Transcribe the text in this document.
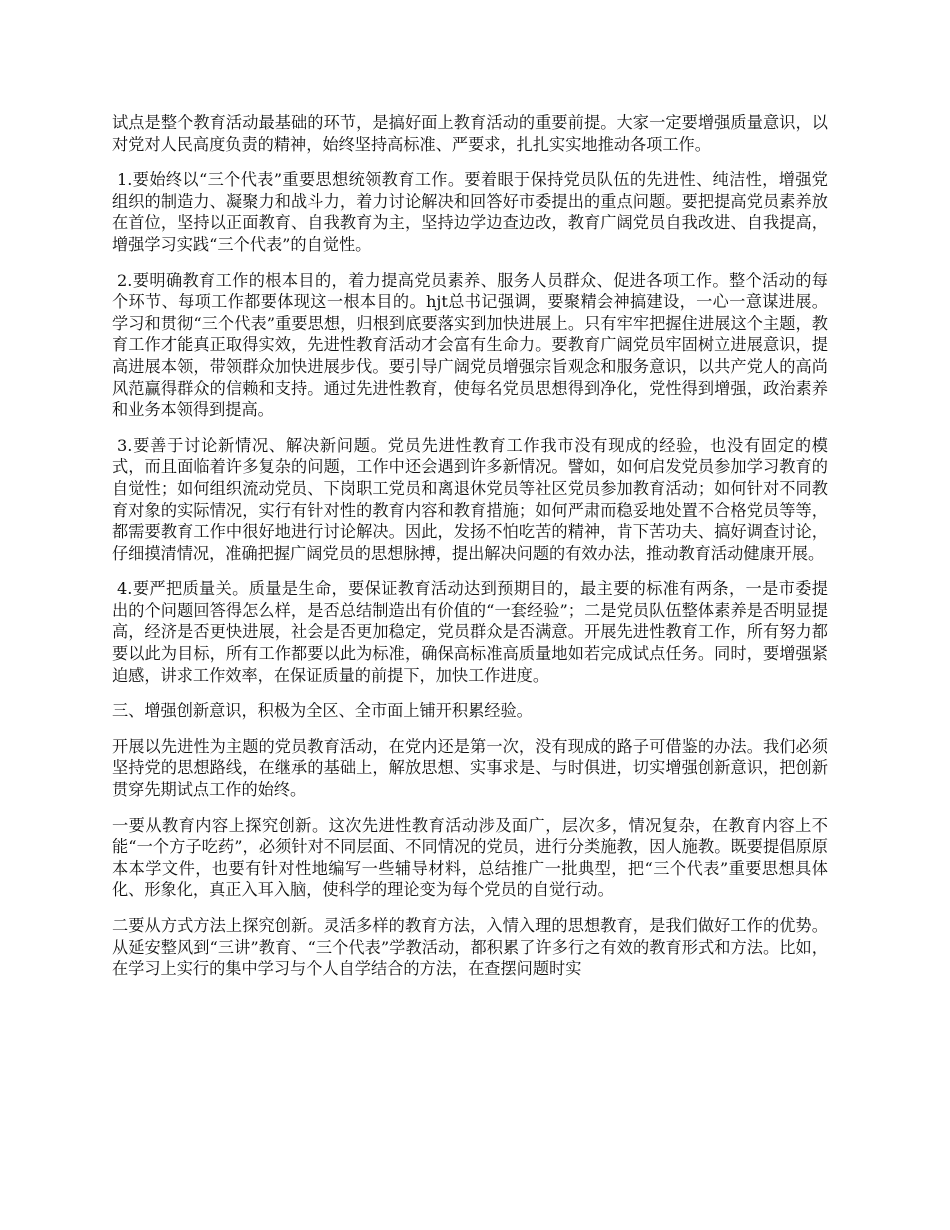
试点是整个教育活动最基础的环节，是搞好面上教育活动的重要前提。大家一定要增强质量意识，以对党对人民高度负责的精神，始终坚持高标准、严要求，扎扎实实地推动各项工作。

1.要始终以“三个代表”重要思想统领教育工作。要着眼于保持党员队伍的先进性、纯洁性，增强党组织的制造力、凝聚力和战斗力，着力讨论解决和回答好市委提出的重点问题。要把提高党员素养放在首位，坚持以正面教育、自我教育为主，坚持边学边查边改，教育广阔党员自我改进、自我提高，增强学习实践“三个代表”的自觉性。

2.要明确教育工作的根本目的，着力提高党员素养、服务人员群众、促进各项工作。整个活动的每个环节、每项工作都要体现这一根本目的。hjt总书记强调，要聚精会神搞建设，一心一意谋进展。学习和贯彻“三个代表”重要思想，归根到底要落实到加快进展上。只有牢牢把握住进展这个主题，教育工作才能真正取得实效，先进性教育活动才会富有生命力。要教育广阔党员牢固树立进展意识，提高进展本领，带领群众加快进展步伐。要引导广阔党员增强宗旨观念和服务意识，以共产党人的高尚风范赢得群众的信赖和支持。通过先进性教育，使每名党员思想得到净化，党性得到增强，政治素养和业务本领得到提高。

3.要善于讨论新情况、解决新问题。党员先进性教育工作我市没有现成的经验，也没有固定的模式，而且面临着许多复杂的问题，工作中还会遇到许多新情况。譬如，如何启发党员参加学习教育的自觉性；如何组织流动党员、下岗职工党员和离退休党员等社区党员参加教育活动；如何针对不同教育对象的实际情况，实行有针对性的教育内容和教育措施；如何严肃而稳妥地处置不合格党员等等，都需要教育工作中很好地进行讨论解决。因此，发扬不怕吃苦的精神，肯下苦功夫、搞好调查讨论，仔细摸清情况，准确把握广阔党员的思想脉搏，提出解决问题的有效办法，推动教育活动健康开展。

4.要严把质量关。质量是生命，要保证教育活动达到预期目的，最主要的标准有两条，一是市委提出的个问题回答得怎么样，是否总结制造出有价值的“一套经验”；二是党员队伍整体素养是否明显提高，经济是否更快进展，社会是否更加稳定，党员群众是否满意。开展先进性教育工作，所有努力都要以此为目标，所有工作都要以此为标准，确保高标准高质量地如若完成试点任务。同时，要增强紧迫感，讲求工作效率，在保证质量的前提下，加快工作进度。

三、增强创新意识，积极为全区、全市面上铺开积累经验。

开展以先进性为主题的党员教育活动，在党内还是第一次，没有现成的路子可借鉴的办法。我们必须坚持党的思想路线，在继承的基础上，解放思想、实事求是、与时俱进，切实增强创新意识，把创新贯穿先期试点工作的始终。

一要从教育内容上探究创新。这次先进性教育活动涉及面广，层次多，情况复杂，在教育内容上不能“一个方子吃药”，必须针对不同层面、不同情况的党员，进行分类施教，因人施教。既要提倡原原本本学文件，也要有针对性地编写一些辅导材料，总结推广一批典型，把“三个代表”重要思想具体化、形象化，真正入耳入脑，使科学的理论变为每个党员的自觉行动。

二要从方式方法上探究创新。灵活多样的教育方法，入情入理的思想教育，是我们做好工作的优势。从延安整风到“三讲”教育、“三个代表”学教活动，都积累了许多行之有效的教育形式和方法。比如，在学习上实行的集中学习与个人自学结合的方法，在查摆问题时实
